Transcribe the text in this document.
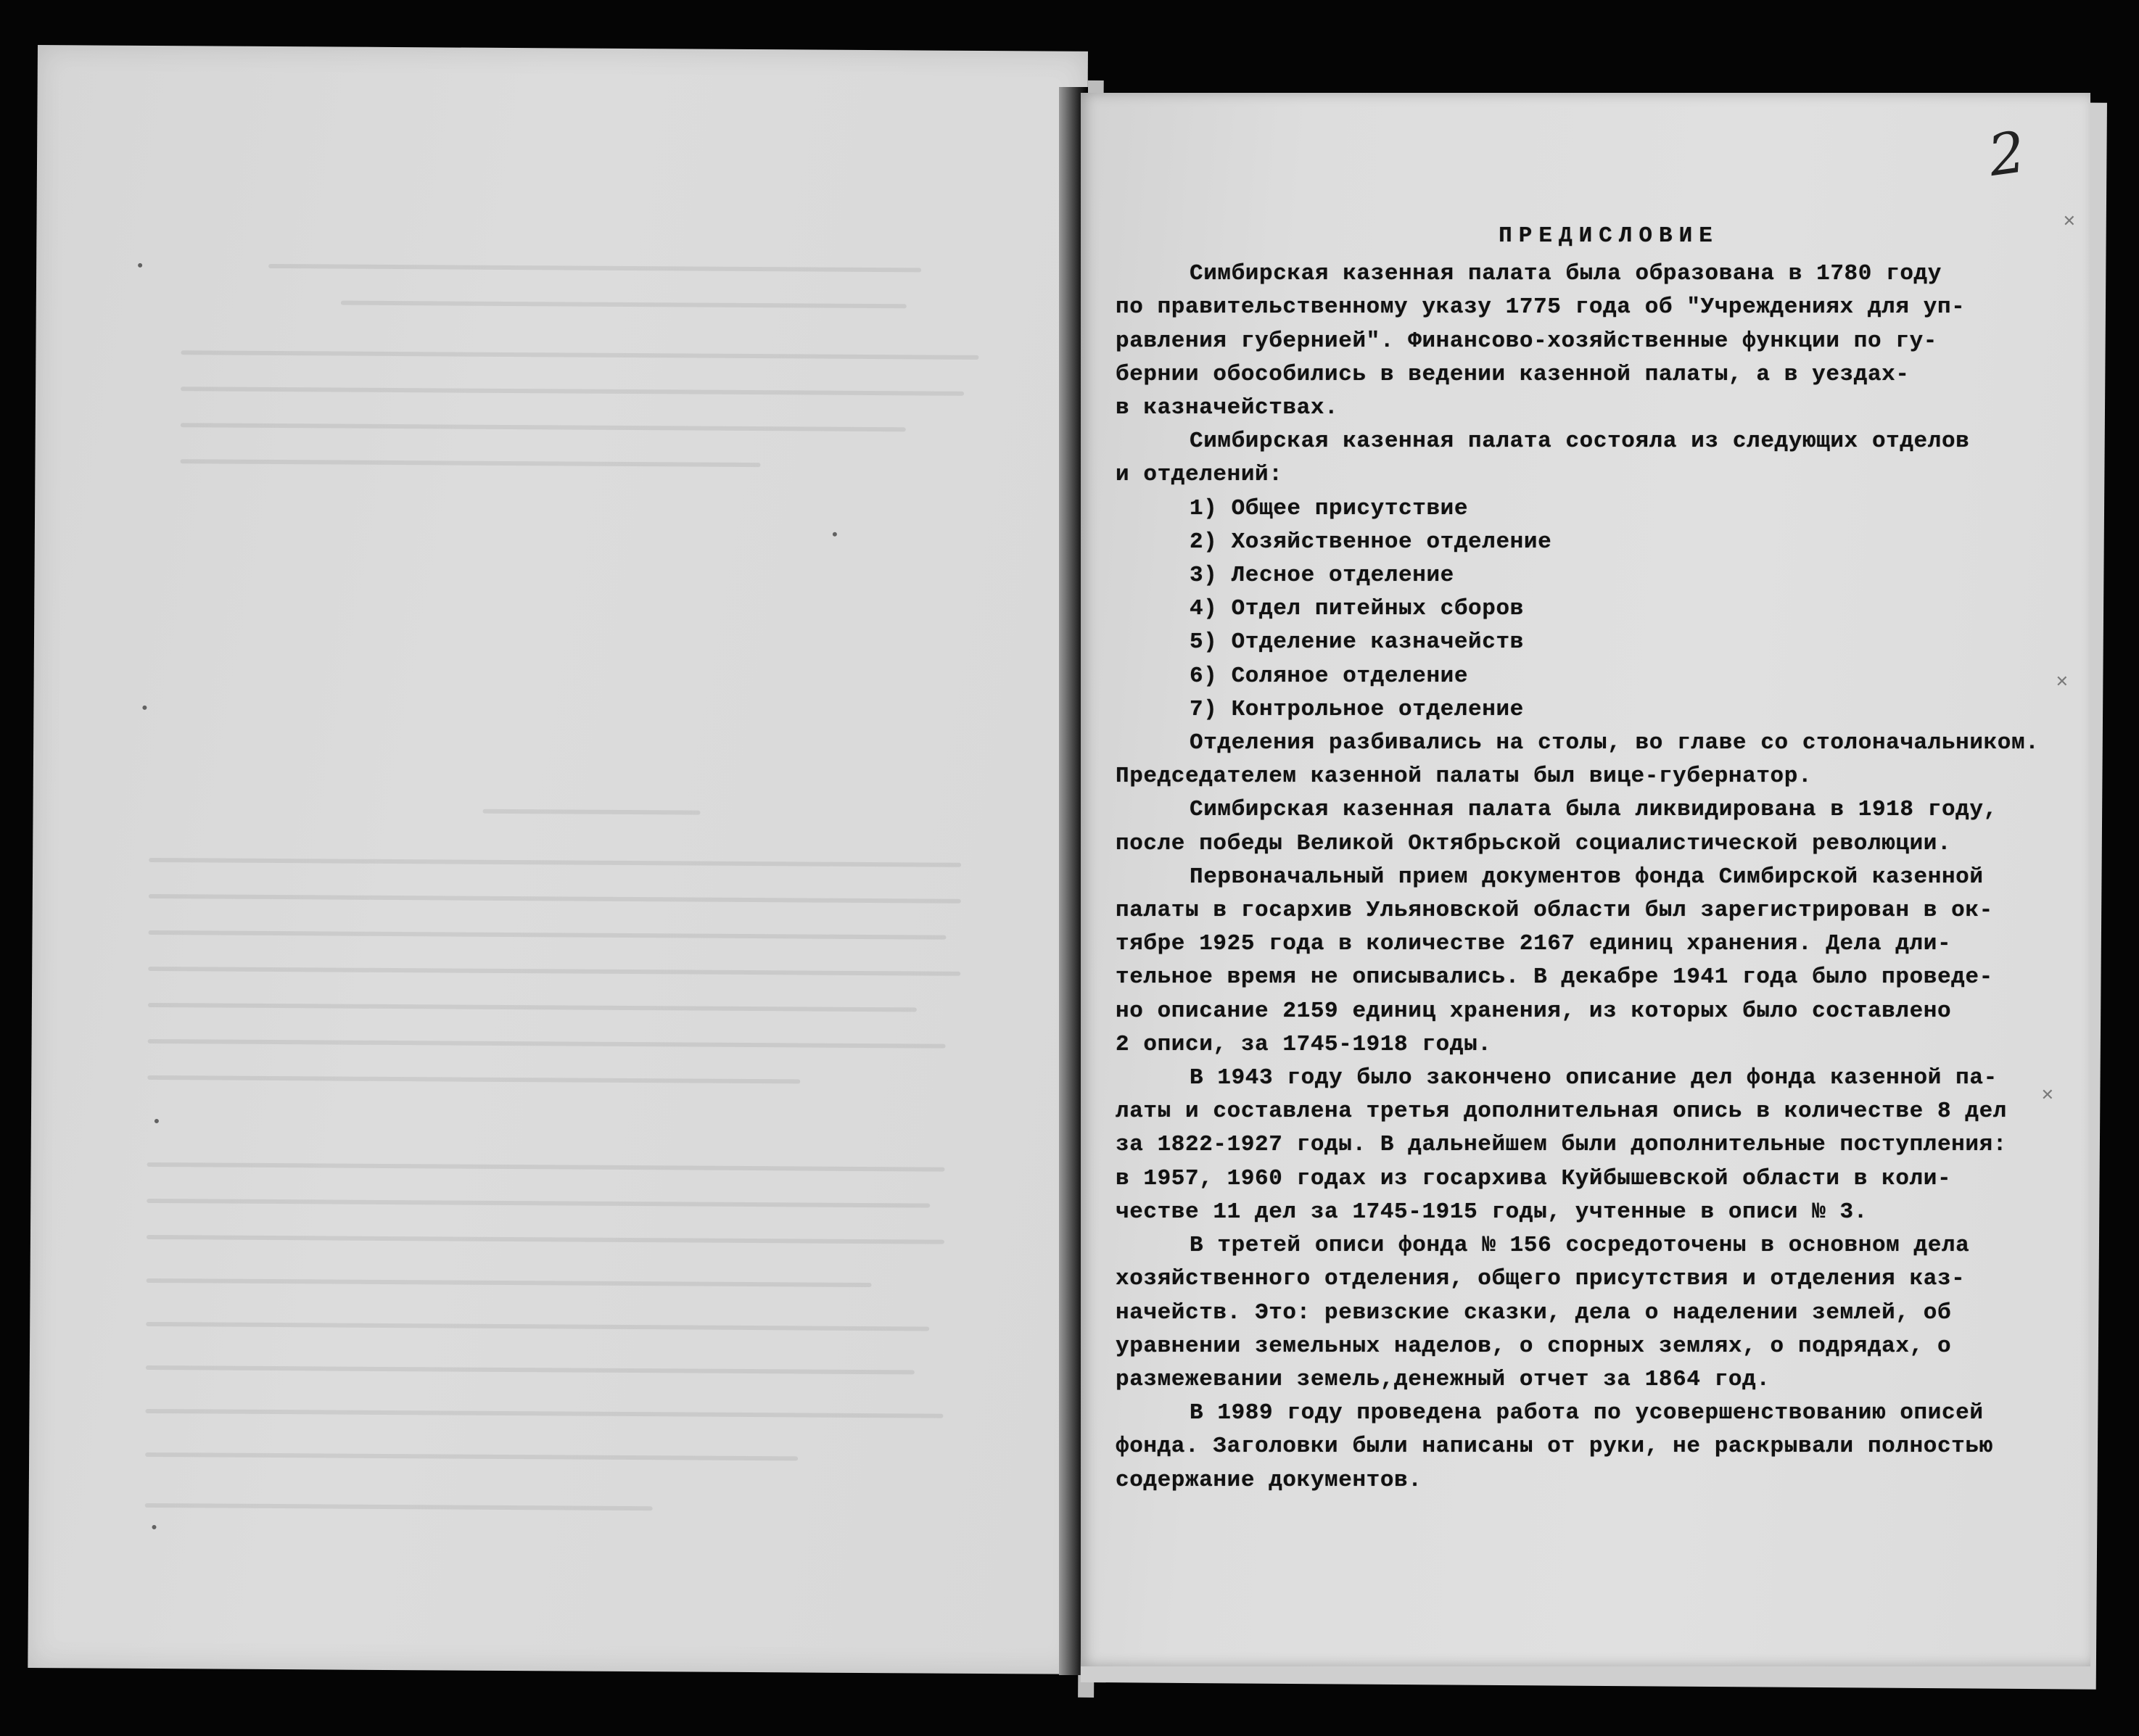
2
✕
✕
✕
ПРЕДИСЛОВИЕ
Симбирская казенная палата была образована в 1780 году
по правительственному указу 1775 года об "Учреждениях для уп-
равления губернией". Финансово-хозяйственные функции по гу-
бернии обособились в ведении казенной палаты, а в уездах-
в казначействах.
Симбирская казенная палата состояла из следующих отделов
и отделений:
1) Общее присутствие
2) Хозяйственное отделение
3) Лесное отделение
4) Отдел питейных сборов
5) Отделение казначейств
6) Соляное отделение
7) Контрольное отделение
Отделения разбивались на столы, во главе со столоначальником.
Председателем казенной палаты был вице-губернатор.
Симбирская казенная палата была ликвидирована в 1918 году,
после победы Великой Октябрьской социалистической революции.
Первоначальный прием документов фонда Симбирской казенной
палаты в госархив Ульяновской области был зарегистрирован в ок-
тябре 1925 года в количестве 2167 единиц хранения. Дела дли-
тельное время не описывались. В декабре 1941 года было проведе-
но описание 2159 единиц хранения, из которых было составлено
2 описи, за 1745-1918 годы.
В 1943 году было закончено описание дел фонда казенной па-
латы и составлена третья дополнительная опись в количестве 8 дел
за 1822-1927 годы. В дальнейшем были дополнительные поступления:
в 1957, 1960 годах из госархива Куйбышевской области в коли-
честве 11 дел за 1745-1915 годы, учтенные в описи № 3.
В третей описи фонда № 156 сосредоточены в основном дела
хозяйственного отделения, общего присутствия и отделения каз-
начейств. Это: ревизские сказки, дела о наделении землей, об
уравнении земельных наделов, о спорных землях, о подрядах, о
размежевании земель,денежный отчет за 1864 год.
В 1989 году проведена работа по усовершенствованию описей
фонда. Заголовки были написаны от руки, не раскрывали полностью
содержание документов.
